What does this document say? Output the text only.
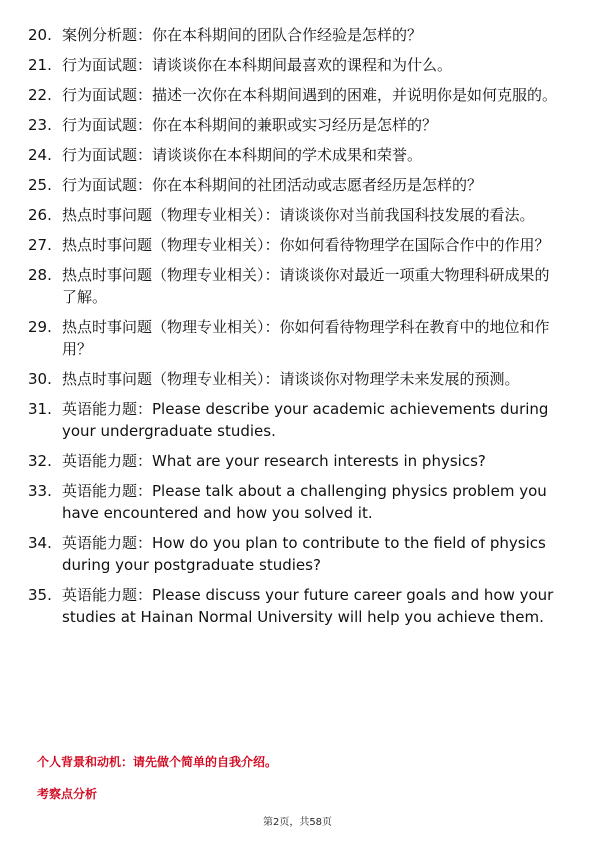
20. 案例分析题：你在本科期间的团队合作经验是怎样的？
21. 行为面试题：请谈谈你在本科期间最喜欢的课程和为什么。
22. 行为面试题：描述一次你在本科期间遇到的困难，并说明你是如何克服的。
23. 行为面试题：你在本科期间的兼职或实习经历是怎样的？
24. 行为面试题：请谈谈你在本科期间的学术成果和荣誉。
25. 行为面试题：你在本科期间的社团活动或志愿者经历是怎样的？
26. 热点时事问题（物理专业相关）：请谈谈你对当前我国科技发展的看法。
27. 热点时事问题（物理专业相关）：你如何看待物理学在国际合作中的作用？
28. 热点时事问题（物理专业相关）：请谈谈你对最近一项重大物理科研成果的了解。
29. 热点时事问题（物理专业相关）：你如何看待物理学科在教育中的地位和作用？
30. 热点时事问题（物理专业相关）：请谈谈你对物理学未来发展的预测。
31. 英语能力题：Please describe your academic achievements during your undergraduate studies.
32. 英语能力题：What are your research interests in physics?
33. 英语能力题：Please talk about a challenging physics problem you have encountered and how you solved it.
34. 英语能力题：How do you plan to contribute to the field of physics during your postgraduate studies?
35. 英语能力题：Please discuss your future career goals and how your studies at Hainan Normal University will help you achieve them.
个人背景和动机：请先做个简单的自我介绍。
考察点分析
第2页，共58页
